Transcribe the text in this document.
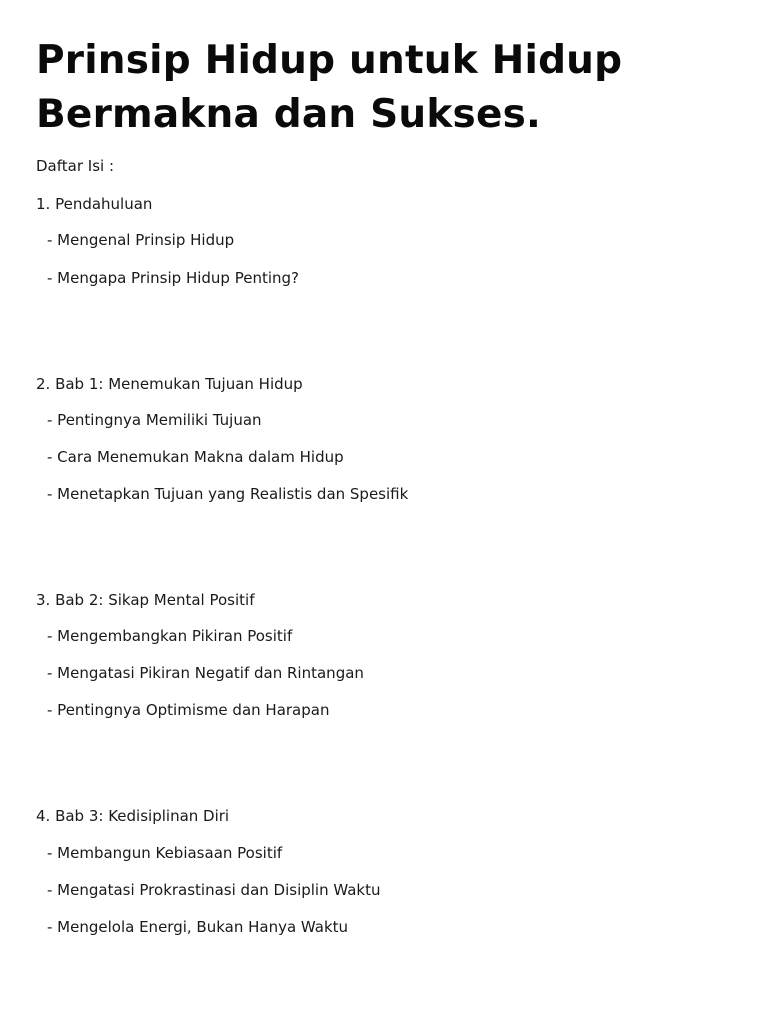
Prinsip Hidup untuk Hidup
Bermakna dan Sukses.

Daftar Isi :

1. Pendahuluan

- Mengenal Prinsip Hidup

- Mengapa Prinsip Hidup Penting?

2. Bab 1: Menemukan Tujuan Hidup

- Pentingnya Memiliki Tujuan

- Cara Menemukan Makna dalam Hidup

- Menetapkan Tujuan yang Realistis dan Spesifik

3. Bab 2: Sikap Mental Positif

- Mengembangkan Pikiran Positif

- Mengatasi Pikiran Negatif dan Rintangan

- Pentingnya Optimisme dan Harapan

4. Bab 3: Kedisiplinan Diri

- Membangun Kebiasaan Positif

- Mengatasi Prokrastinasi dan Disiplin Waktu

- Mengelola Energi, Bukan Hanya Waktu
